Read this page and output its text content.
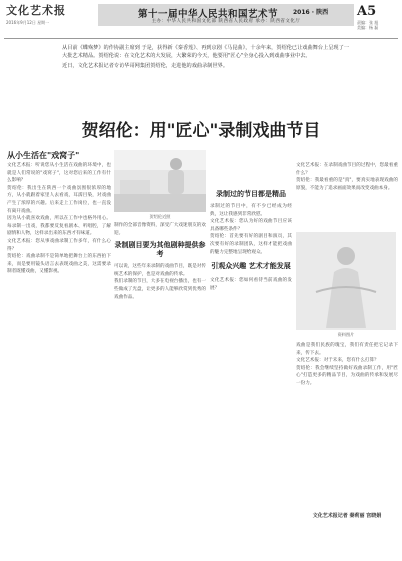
文化艺术报
2016年9月12日 星期一
第十一届中华人民共和国艺术节	2016 · 陕西
主办：中华人民共和国文化部 陕西省人民政府 承办：陕西省文化厅
A5
责编：张 旭
美编：杨 磊

从目前《蝶殇梦》的作协副主席到 于是，获得新《秦香莲》、再到京剧《马昆曲》，十余年来，贺绍伦已让戏曲舞台上呈现了一大批艺术精品。贺绍伦说：在文化艺术的大发展，大繁荣的今天，他要用"匠心"全身心投入到戏曲事业中去。

近日，文化艺术报记者专访华哥网集团贺绍伦，走进他的戏曲录制世界。

贺绍伦：用"匠心"录制戏曲节目
从小生活在"戏窝子"

文化艺术报：听说您从小生活在戏曲的环境中，也就是人们常说的"戏窝子"，这对您后来的工作有什么影响？

贺绍伦：我出生在陕西一个戏曲氛围很浓厚的地方，从小就跟着家里人去看戏，耳濡目染，对戏曲产生了浓厚的兴趣。后来走上工作岗位，也一直没有离开戏曲。

因为从小就喜欢戏曲，所以在工作中也格外用心。每录制一出戏，我都要反复看剧本、听唱腔，了解剧情和人物，这样录出来的东西才有味道。

文化艺术报：您从事戏曲录制工作多年，有什么心得？

贺绍伦：戏曲录制不是简单地把舞台上的东西拍下来，而是要用镜头语言去表现戏曲之美，这需要录制者既懂戏曲，又懂影视。

贺绍伦近照

制作的全部音像资料，深受广大戏迷朋友的欢迎。

录制剧目要为其他剧种提供参考

可以说，这些年来录制的戏曲节目，既是对传统艺术的保护，也是对戏曲的传承。

我们录制的节目，大多在电视台播出，也有一些做成了光盘，让更多的人能够欣赏到优秀的戏曲作品。

录制过的节目都是精品

录制过的节目中，有不少已经成为经典，这让我感到非常欣慰。

文化艺术报：您认为好的戏曲节目应该具备哪些条件？

贺绍伦：首先要有好的剧目和演员，其次要有好的录制团队，这样才能把戏曲的魅力完整地呈现给观众。

引观众兴趣 艺术才能发展

文化艺术报：您如何看待当前戏曲的发展？

文化艺术报：在录制戏曲节目的过程中，您最看重什么？

贺绍伦：我最看重的是"真"，要真实地表现戏曲的原貌，不能为了追求画面效果而改变戏曲本身。

资料图片

戏曲是我们民族的瑰宝，我们有责任把它记录下来，传下去。

文化艺术报：对于未来，您有什么打算？

贺绍伦：我会继续坚持做好戏曲录制工作，用"匠心"打造更多的精品节目，为戏曲的传承和发展尽一份力。

文化艺术报记者 秦莉丽 宫晓娟
